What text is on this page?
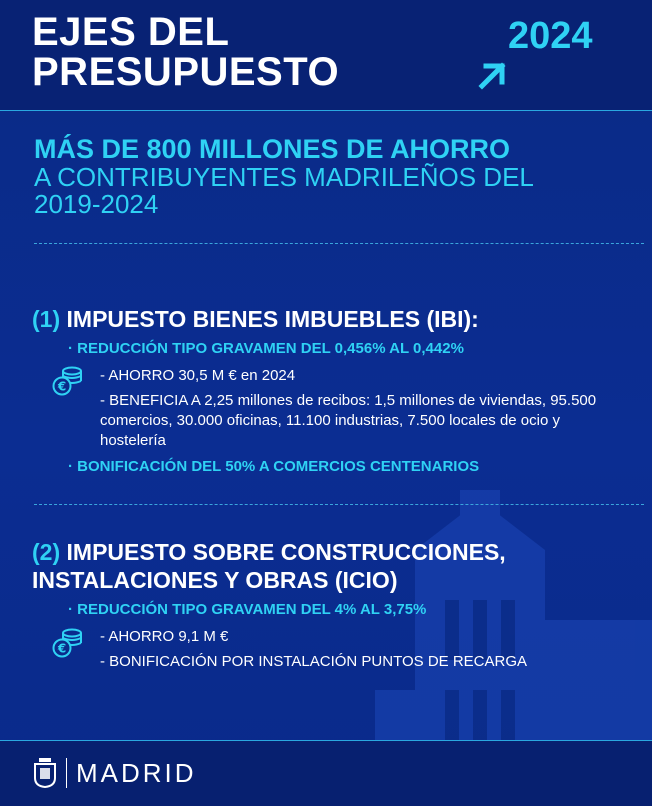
EJES DEL
PRESUPUESTO
2024
MÁS DE 800 MILLONES DE AHORRO
A CONTRIBUYENTES MADRILEÑOS DEL
2019-2024
(1) IMPUESTO BIENES IMBUEBLES (IBI):
· REDUCCIÓN TIPO GRAVAMEN DEL 0,456% AL 0,442%
€
- AHORRO 30,5 M € en 2024
- BENEFICIA A 2,25 millones de recibos: 1,5 millones de viviendas, 95.500 comercios, 30.000 oficinas, 11.100 industrias, 7.500 locales de ocio y hostelería
· BONIFICACIÓN DEL 50% A COMERCIOS CENTENARIOS
(2) IMPUESTO SOBRE CONSTRUCCIONES,
INSTALACIONES Y OBRAS (ICIO)
· REDUCCIÓN TIPO GRAVAMEN DEL 4% AL 3,75%
€
- AHORRO 9,1 M €
- BONIFICACIÓN POR INSTALACIÓN PUNTOS DE RECARGA
MADRID
